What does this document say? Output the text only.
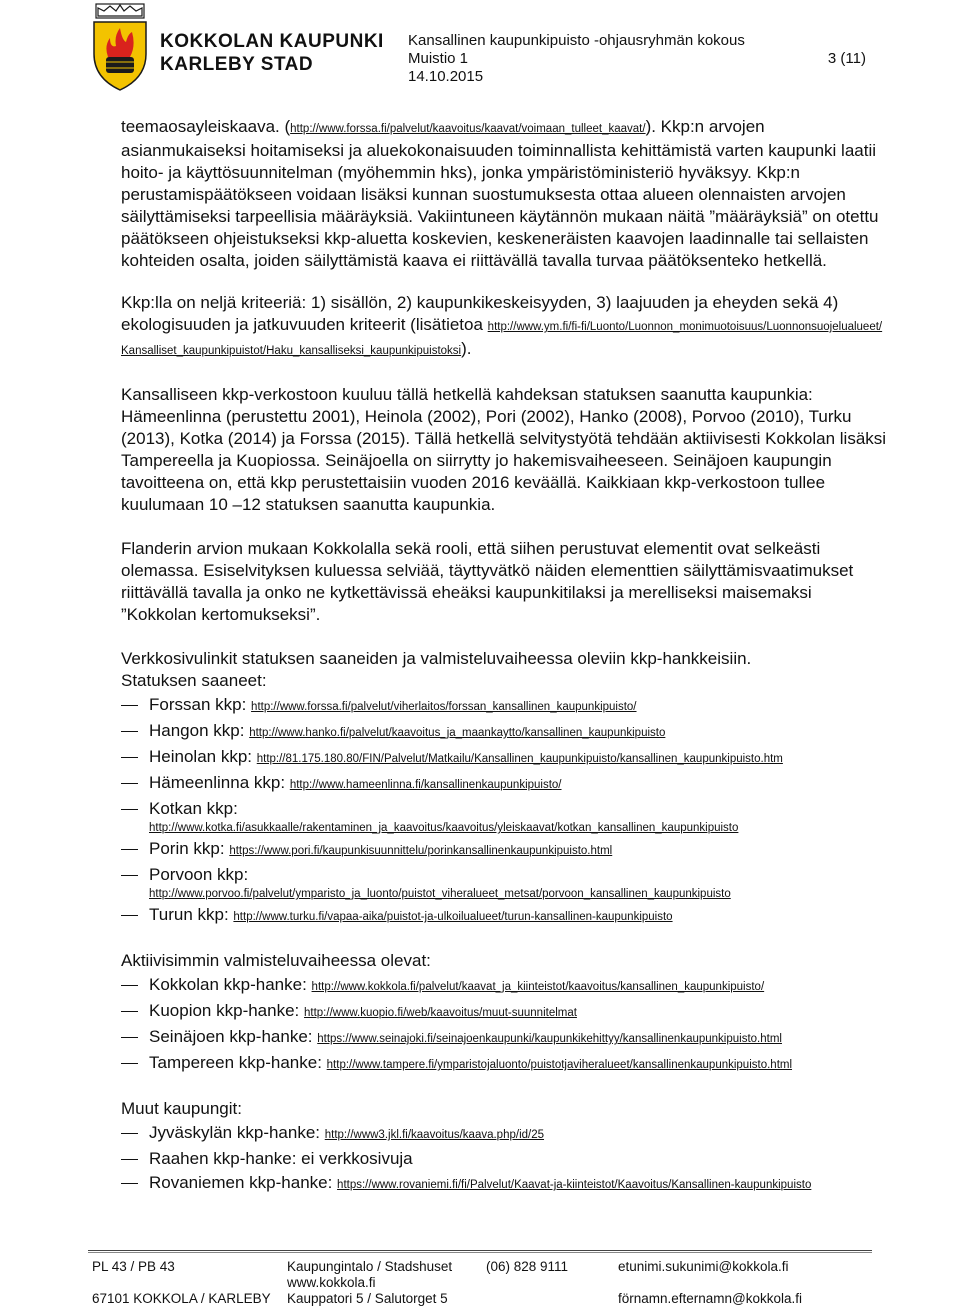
KOKKOLAN KAUPUNKI
KARLEBY STAD
Kansallinen kaupunkipuisto -ohjausryhmän kokous
Muistio 1
14.10.2015
3 (11)

teemaosayleiskaava. (http://www.forssa.fi/palvelut/kaavoitus/kaavat/voimaan_tulleet_kaavat/). Kkp:n arvojen asianmukaiseksi hoitamiseksi ja aluekokonaisuuden toiminnallista kehittämistä varten kaupunki laatii hoito- ja käyttösuunnitelman (myöhemmin hks), jonka ympäristöministeriö hyväksyy. Kkp:n perustamispäätökseen voidaan lisäksi kunnan suostumuksesta ottaa alueen olennaisten arvojen säilyttämiseksi tarpeellisia määräyksiä. Vakiintuneen käytännön mukaan näitä ”määräyksiä” on otettu päätökseen ohjeistukseksi kkp-aluetta koskevien, keskeneräisten kaavojen laadinnalle tai sellaisten kohteiden osalta, joiden säilyttämistä kaava ei riittävällä tavalla turvaa päätöksenteko hetkellä.

Kkp:lla on neljä kriteeriä: 1) sisällön, 2) kaupunkikeskeisyyden, 3) laajuuden ja eheyden sekä 4) ekologisuuden ja jatkuvuuden kriteerit (lisätietoa http://www.ym.fi/fi-fi/Luonto/Luonnon_monimuotoisuus/Luonnonsuojelualueet/Kansalliset_kaupunkipuistot/Haku_kansalliseksi_kaupunkipuistoksi).

Kansalliseen kkp-verkostoon kuuluu tällä hetkellä kahdeksan statuksen saanutta kaupunkia: Hämeenlinna (perustettu 2001), Heinola (2002), Pori (2002), Hanko (2008), Porvoo (2010), Turku (2013), Kotka (2014) ja Forssa (2015). Tällä hetkellä selvitystyötä tehdään aktiivisesti Kokkolan lisäksi Tampereella ja Kuopiossa. Seinäjoella on siirrytty jo hakemisvaiheeseen. Seinäjoen kaupungin tavoitteena on, että kkp perustettaisiin vuoden 2016 keväällä. Kaikkiaan kkp-verkostoon tullee kuulumaan 10 –12 statuksen saanutta kaupunkia.

Flanderin arvion mukaan Kokkolalla sekä rooli, että siihen perustuvat elementit ovat selkeästi olemassa. Esiselvityksen kuluessa selviää, täyttyvätkö näiden elementtien säilyttämisvaatimukset riittävällä tavalla ja onko ne kytkettävissä eheäksi kaupunkitilaksi ja merelliseksi maisemaksi ”Kokkolan kertomukseksi”.

Verkkosivulinkit statuksen saaneiden ja valmisteluvaiheessa oleviin kkp-hankkeisiin.

Statuksen saaneet:

Forssan kkp: http://www.forssa.fi/palvelut/viherlaitos/forssan_kansallinen_kaupunkipuisto/
Hangon kkp: http://www.hanko.fi/palvelut/kaavoitus_ja_maankaytto/kansallinen_kaupunkipuisto
Heinolan kkp: http://81.175.180.80/FIN/Palvelut/Matkailu/Kansallinen_kaupunkipuisto/kansallinen_kaupunkipuisto.htm
Hämeenlinna kkp: http://www.hameenlinna.fi/kansallinenkaupunkipuisto/
Kotkan kkp:
http://www.kotka.fi/asukkaalle/rakentaminen_ja_kaavoitus/kaavoitus/yleiskaavat/kotkan_kansallinen_kaupunkipuisto
Porin kkp: https://www.pori.fi/kaupunkisuunnittelu/porinkansallinenkaupunkipuisto.html
Porvoon kkp:
http://www.porvoo.fi/palvelut/ymparisto_ja_luonto/puistot_viheralueet_metsat/porvoon_kansallinen_kaupunkipuisto
Turun kkp: http://www.turku.fi/vapaa-aika/puistot-ja-ulkoilualueet/turun-kansallinen-kaupunkipuisto

Aktiivisimmin valmisteluvaiheessa olevat:

Kokkolan kkp-hanke: http://www.kokkola.fi/palvelut/kaavat_ja_kiinteistot/kaavoitus/kansallinen_kaupunkipuisto/
Kuopion kkp-hanke: http://www.kuopio.fi/web/kaavoitus/muut-suunnitelmat
Seinäjoen kkp-hanke: https://www.seinajoki.fi/seinajoenkaupunki/kaupunkikehittyy/kansallinenkaupunkipuisto.html
Tampereen kkp-hanke: http://www.tampere.fi/ymparistojaluonto/puistotjaviheralueet/kansallinenkaupunkipuisto.html

Muut kaupungit:

Jyväskylän kkp-hanke: http://www3.jkl.fi/kaavoitus/kaava.php/id/25
Raahen kkp-hanke: ei verkkosivuja
Rovaniemen kkp-hanke: https://www.rovaniemi.fi/fi/Palvelut/Kaavat-ja-kiinteistot/Kaavoitus/Kansallinen-kaupunkipuisto
PL 43 / PB 43
67101 KOKKOLA / KARLEBY
Kaupungintalo / Stadshuset
www.kokkola.fi
Kauppatori 5 / Salutorget 5
(06) 828 9111	etunimi.sukunimi@kokkola.fi
förnamn.efternamn@kokkola.fi
